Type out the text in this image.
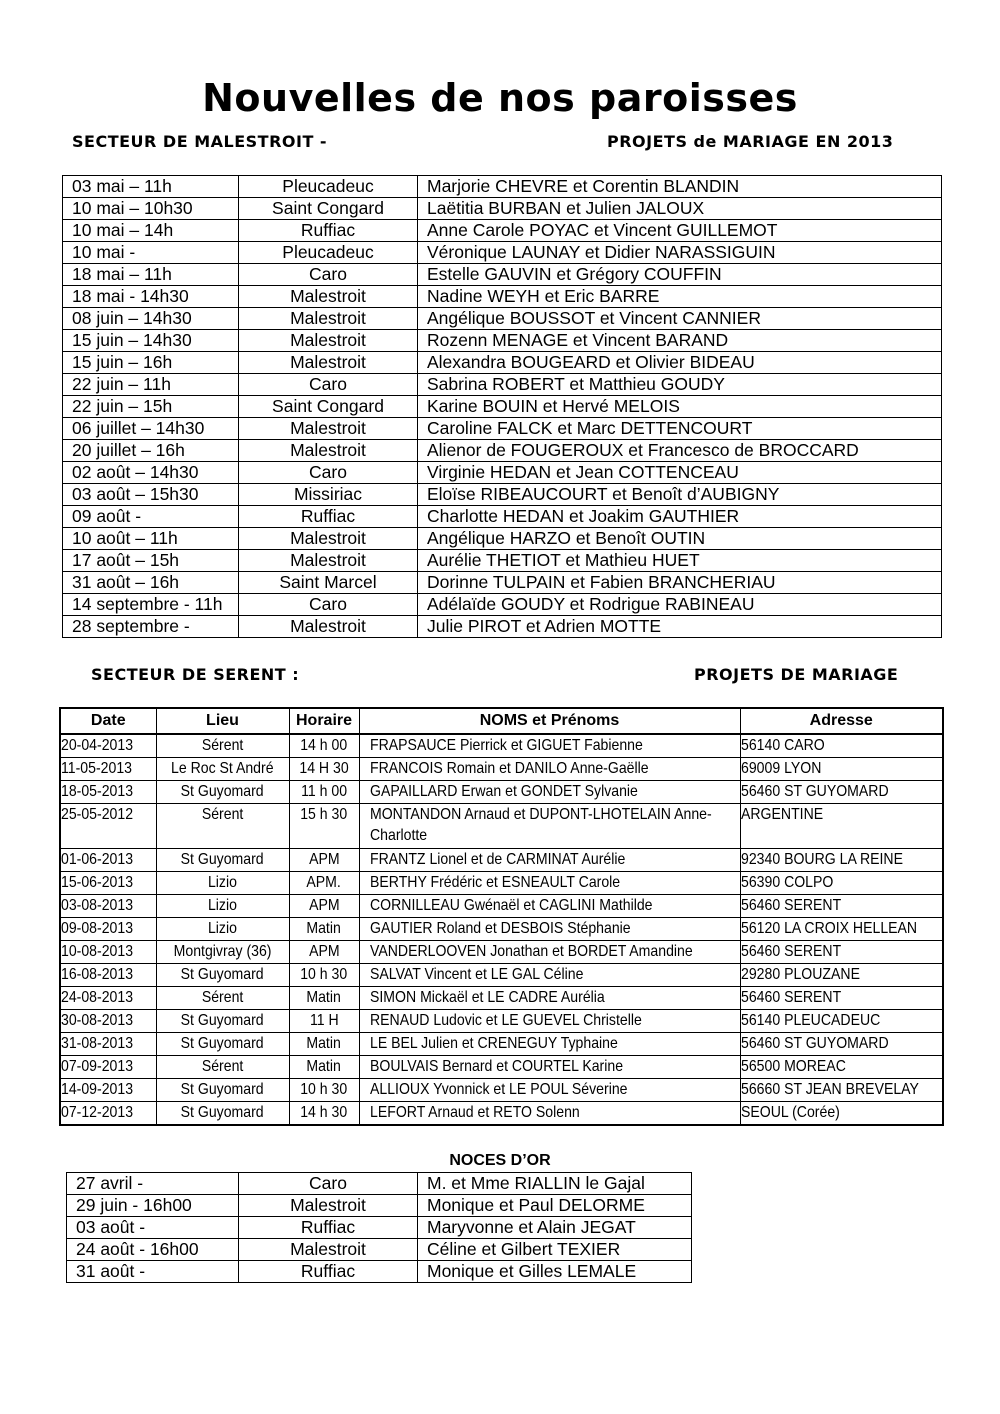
Nouvelles de nos paroisses
SECTEUR DE MALESTROIT -	PROJETS de MARIAGE EN 2013
03 mai – 11h	Pleucadeuc	Marjorie CHEVRE et Corentin BLANDIN
10 mai – 10h30	Saint Congard	Laëtitia BURBAN et Julien JALOUX
10 mai – 14h	Ruffiac	Anne Carole POYAC et Vincent GUILLEMOT
10 mai -	Pleucadeuc	Véronique LAUNAY et Didier NARASSIGUIN
18 mai – 11h	Caro	Estelle GAUVIN et Grégory COUFFIN
18 mai - 14h30	Malestroit	Nadine WEYH et Eric BARRE
08 juin – 14h30	Malestroit	Angélique BOUSSOT et Vincent CANNIER
15 juin – 14h30	Malestroit	Rozenn MENAGE et Vincent BARAND
15 juin – 16h	Malestroit	Alexandra BOUGEARD et Olivier BIDEAU
22 juin – 11h	Caro	Sabrina ROBERT et Matthieu GOUDY
22 juin – 15h	Saint Congard	Karine BOUIN et Hervé MELOIS
06 juillet – 14h30	Malestroit	Caroline FALCK et Marc DETTENCOURT
20 juillet – 16h	Malestroit	Alienor de FOUGEROUX et Francesco de BROCCARD
02 août – 14h30	Caro	Virginie HEDAN et Jean COTTENCEAU
03 août – 15h30	Missiriac	Eloïse RIBEAUCOURT et Benoît d’AUBIGNY
09 août -	Ruffiac	Charlotte HEDAN et Joakim GAUTHIER
10 août – 11h	Malestroit	Angélique HARZO et Benoît OUTIN
17 août – 15h	Malestroit	Aurélie THETIOT et Mathieu HUET
31 août – 16h	Saint Marcel	Dorinne TULPAIN et Fabien BRANCHERIAU
14 septembre - 11h	Caro	Adélaïde GOUDY et Rodrigue RABINEAU
28 septembre -	Malestroit	Julie PIROT et Adrien MOTTE
SECTEUR DE SERENT :	PROJETS DE MARIAGE
Date	Lieu	Horaire	NOMS et Prénoms	Adresse
20-04-2013	Sérent	14 h 00	FRAPSAUCE Pierrick et GIGUET Fabienne	56140 CARO
11-05-2013	Le Roc St André	14 H 30	FRANCOIS Romain et DANILO Anne-Gaëlle	69009 LYON
18-05-2013	St Guyomard	11 h 00	GAPAILLARD Erwan et GONDET Sylvanie	56460 ST GUYOMARD
25-05-2012	Sérent	15 h 30	MONTANDON Arnaud et DUPONT-LHOTELAIN Anne-Charlotte	ARGENTINE
01-06-2013	St Guyomard	APM	FRANTZ Lionel et de CARMINAT Aurélie	92340 BOURG LA REINE
15-06-2013	Lizio	APM.	BERTHY Frédéric et ESNEAULT Carole	56390 COLPO
03-08-2013	Lizio	APM	CORNILLEAU Gwénaël et CAGLINI Mathilde	56460 SERENT
09-08-2013	Lizio	Matin	GAUTIER Roland et DESBOIS Stéphanie	56120 LA CROIX HELLEAN
10-08-2013	Montgivray (36)	APM	VANDERLOOVEN Jonathan et BORDET Amandine	56460 SERENT
16-08-2013	St Guyomard	10 h 30	SALVAT Vincent et LE GAL Céline	29280 PLOUZANE
24-08-2013	Sérent	Matin	SIMON Mickaël et LE CADRE Aurélia	56460 SERENT
30-08-2013	St Guyomard	11 H	RENAUD Ludovic et LE GUEVEL Christelle	56140 PLEUCADEUC
31-08-2013	St Guyomard	Matin	LE BEL Julien et CRENEGUY Typhaine	56460 ST GUYOMARD
07-09-2013	Sérent	Matin	BOULVAIS Bernard et COURTEL Karine	56500 MOREAC
14-09-2013	St Guyomard	10 h 30	ALLIOUX Yvonnick et LE POUL Séverine	56660 ST JEAN BREVELAY
07-12-2013	St Guyomard	14 h 30	LEFORT Arnaud et RETO Solenn	SEOUL (Corée)
NOCES D’OR
27 avril -	Caro	M. et Mme RIALLIN le Gajal
29 juin - 16h00	Malestroit	Monique et Paul DELORME
03 août -	Ruffiac	Maryvonne et Alain JEGAT
24 août - 16h00	Malestroit	Céline et Gilbert TEXIER
31 août -	Ruffiac	Monique et Gilles LEMALE
